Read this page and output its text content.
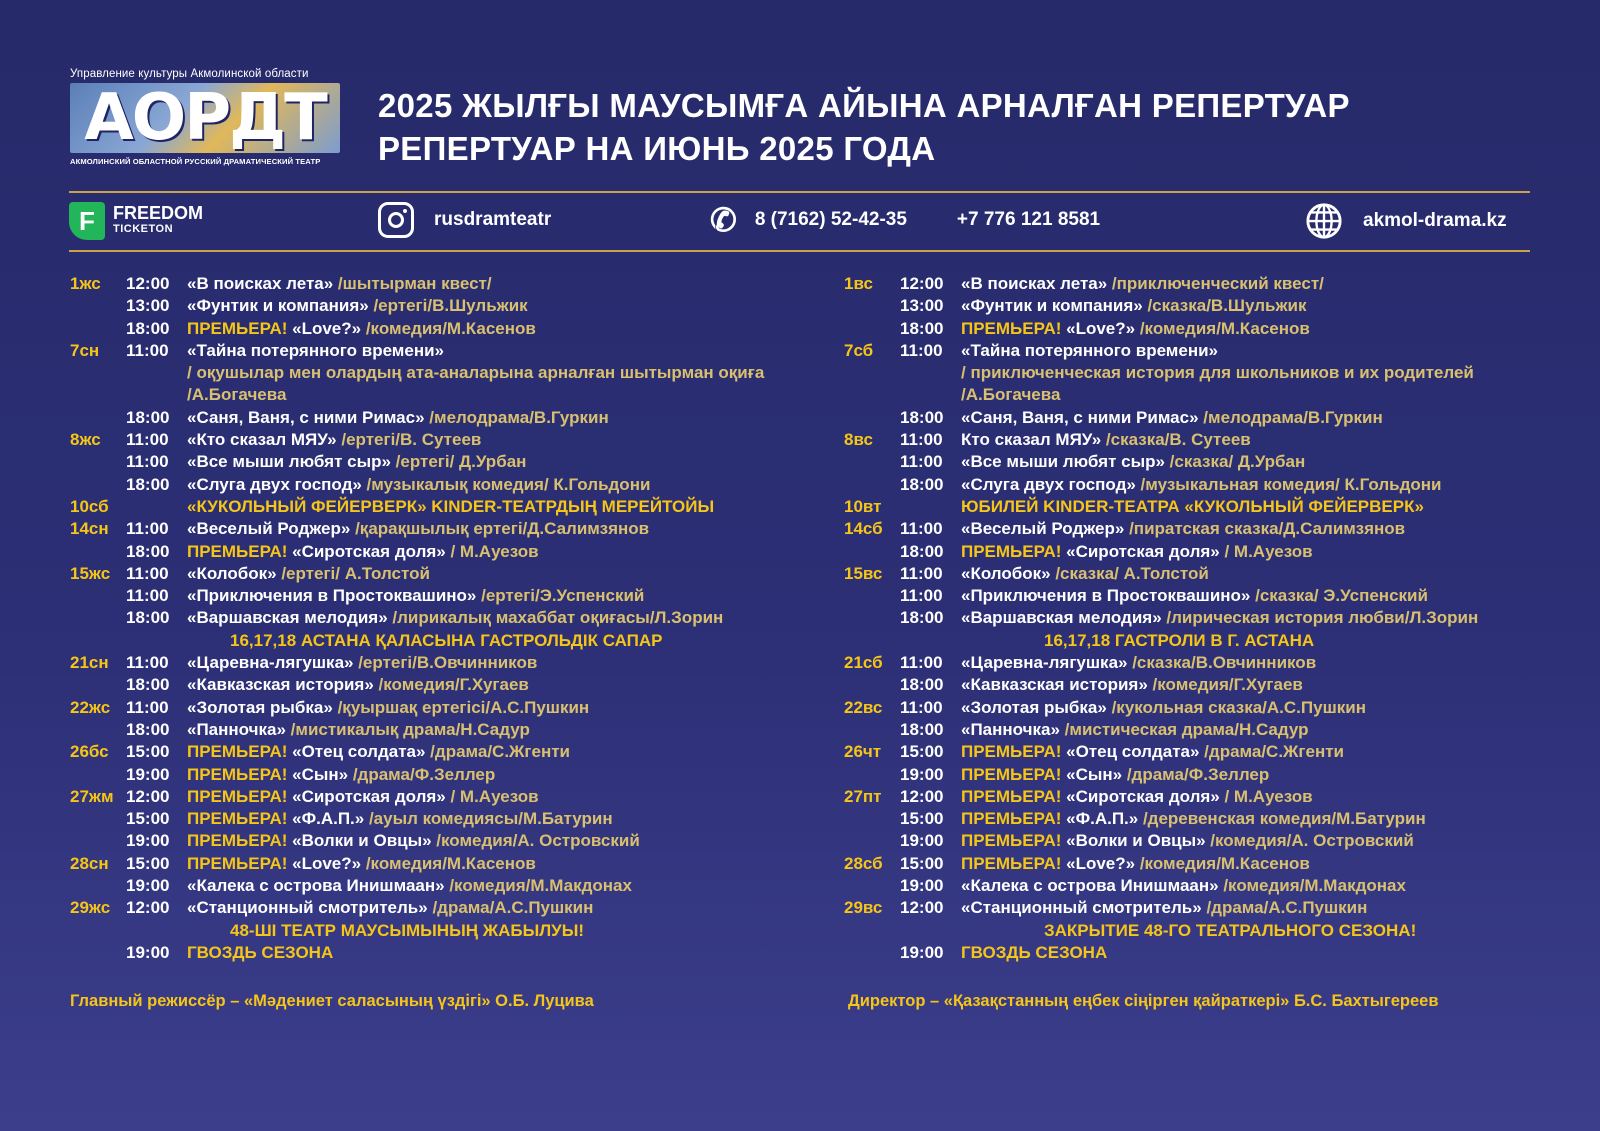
Управление культуры Акмолинской области
АОРДТ
АКМОЛИНСКИЙ ОБЛАСТНОЙ РУССКИЙ ДРАМАТИЧЕСКИЙ ТЕАТР
2025 ЖЫЛҒЫ МАУСЫМҒА АЙЫНА АРНАЛҒАН РЕПЕРТУАР
РЕПЕРТУАР НА ИЮНЬ 2025 ГОДА
F	FREEDOM
TICKETON	rusdramteatr	✆ 8 (7162) 52-42-35	+7 776 121 8581	akmol-drama.kz
1жс 12:00 «В поисках лета» /шытырман квест/
13:00 «Фунтик и компания» /ертегі/В.Шульжик
18:00 ПРЕМЬЕРА! «Love?» /комедия/М.Касенов
7сн 11:00 «Тайна потерянного времени»
/ оқушылар мен олардың ата-аналарына арналған шытырман оқиға
/А.Богачева
18:00 «Саня, Ваня, с ними Римас» /мелодрама/В.Гуркин
8жс 11:00 «Кто сказал МЯУ» /ертегі/В. Сутеев
11:00 «Все мыши любят сыр» /ертегі/ Д.Урбан
18:00 «Слуга двух господ» /музыкалық комедия/ К.Гольдони
10сб	«КУКОЛЬНЫЙ ФЕЙЕРВЕРК» KINDER-ТЕАТРДЫҢ МЕРЕЙТОЙЫ
14сн 11:00 «Веселый Роджер» /қарақшылық ертегі/Д.Салимзянов
18:00 ПРЕМЬЕРА! «Сиротская доля» / М.Ауезов
15жс 11:00 «Колобок» /ертегі/ А.Толстой
11:00 «Приключения в Простоквашино» /ертегі/Э.Успенский
18:00 «Варшавская мелодия» /лирикалық махаббат оқиғасы/Л.Зорин
16,17,18 АСТАНА ҚАЛАСЫНА ГАСТРОЛЬДІК САПАР
21сн 11:00 «Царевна-лягушка» /ертегі/В.Овчинников
18:00 «Кавказская история» /комедия/Г.Хугаев
22жс 11:00 «Золотая рыбка» /қуыршақ ертегісі/А.С.Пушкин
18:00 «Панночка» /мистикалық драма/Н.Садур
26бс 15:00 ПРЕМЬЕРА! «Отец солдата» /драма/С.Жгенти
19:00 ПРЕМЬЕРА! «Сын» /драма/Ф.Зеллер
27жм 12:00 ПРЕМЬЕРА! «Сиротская доля» / М.Ауезов
15:00 ПРЕМЬЕРА! «Ф.А.П.» /ауыл комедиясы/М.Батурин
19:00 ПРЕМЬЕРА! «Волки и Овцы» /комедия/А. Островский
28сн 15:00 ПРЕМЬЕРА! «Love?» /комедия/М.Касенов
19:00 «Калека с острова Инишмаан» /комедия/М.Макдонах
29жс 12:00 «Станционный смотритель» /драма/А.С.Пушкин
48-ШІ ТЕАТР МАУСЫМЫНЫҢ ЖАБЫЛУЫ!
19:00 ГВОЗДЬ СЕЗОНА
1вс 12:00 «В поисках лета» /приключенческий квест/
13:00 «Фунтик и компания» /сказка/В.Шульжик
18:00 ПРЕМЬЕРА! «Love?» /комедия/М.Касенов
7сб 11:00 «Тайна потерянного времени»
/ приключенческая история для школьников и их родителей
/А.Богачева
18:00 «Саня, Ваня, с ними Римас» /мелодрама/В.Гуркин
8вс 11:00 Кто сказал МЯУ» /сказка/В. Сутеев
11:00 «Все мыши любят сыр» /сказка/ Д.Урбан
18:00 «Слуга двух господ» /музыкальная комедия/ К.Гольдони
10вт	ЮБИЛЕЙ KINDER-ТЕАТРА «КУКОЛЬНЫЙ ФЕЙЕРВЕРК»
14сб 11:00 «Веселый Роджер» /пиратская сказка/Д.Салимзянов
18:00 ПРЕМЬЕРА! «Сиротская доля» / М.Ауезов
15вс 11:00 «Колобок» /сказка/ А.Толстой
11:00 «Приключения в Простоквашино» /сказка/ Э.Успенский
18:00 «Варшавская мелодия» /лирическая история любви/Л.Зорин
16,17,18 ГАСТРОЛИ В Г. АСТАНА
21сб 11:00 «Царевна-лягушка» /сказка/В.Овчинников
18:00 «Кавказская история» /комедия/Г.Хугаев
22вс 11:00 «Золотая рыбка» /кукольная сказка/А.С.Пушкин
18:00 «Панночка» /мистическая драма/Н.Садур
26чт 15:00 ПРЕМЬЕРА! «Отец солдата» /драма/С.Жгенти
19:00 ПРЕМЬЕРА! «Сын» /драма/Ф.Зеллер
27пт 12:00 ПРЕМЬЕРА! «Сиротская доля» / М.Ауезов
15:00 ПРЕМЬЕРА! «Ф.А.П.» /деревенская комедия/М.Батурин
19:00 ПРЕМЬЕРА! «Волки и Овцы» /комедия/А. Островский
28сб 15:00 ПРЕМЬЕРА! «Love?» /комедия/М.Касенов
19:00 «Калека с острова Инишмаан» /комедия/М.Макдонах
29вс 12:00 «Станционный смотритель» /драма/А.С.Пушкин
ЗАКРЫТИЕ 48-ГО ТЕАТРАЛЬНОГО СЕЗОНА!
19:00 ГВОЗДЬ СЕЗОНА
Главный режиссёр – «Мәдениет саласының үздігі» О.Б. Луцива	Директор – «Қазақстанның еңбек сіңірген қайраткері» Б.С. Бахтыгереев
